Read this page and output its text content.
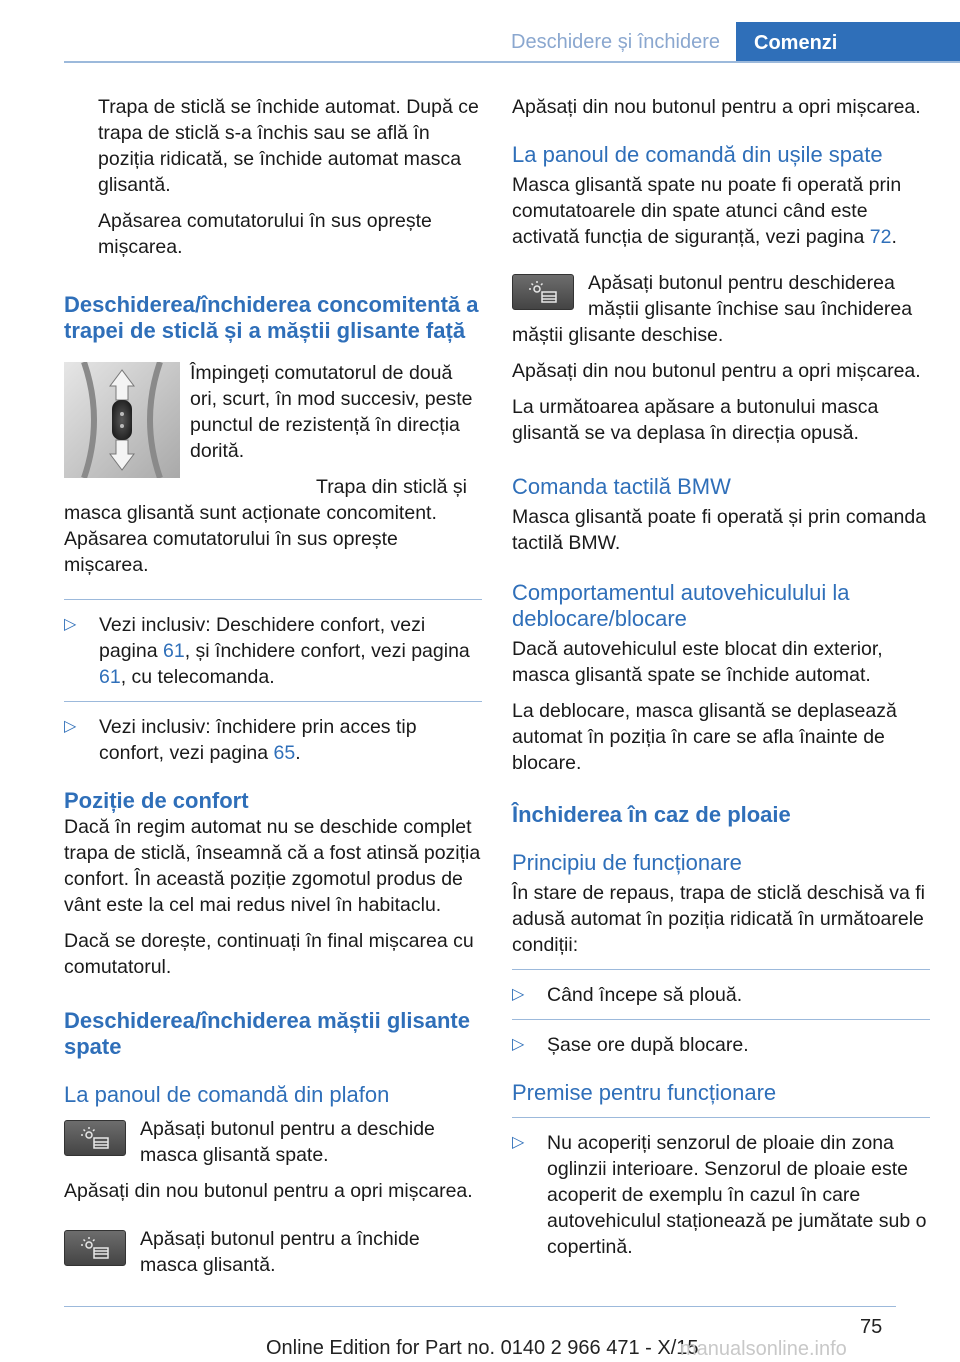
Deschidere și închidere	Comenzi

Trapa de sticlă se închide automat. După ce trapa de sticlă s-a închis sau se află în poziția ridicată, se închide automat masca glisantă.

Apăsarea comutatorului în sus oprește mișcarea.

Deschiderea/închiderea concomitentă a trapei de sticlă și a măștii glisante față

Împingeți comutatorul de două ori, scurt, în mod succesiv, peste punctul de rezistență în direcția dorită.

Trapa din sticlă și masca glisantă sunt acționate concomitent. Apăsarea comutatorului în sus oprește mișcarea.

▷ Vezi inclusiv: Deschidere confort, vezi pagina 61, și închidere confort, vezi pagina 61, cu telecomanda.
▷ Vezi inclusiv: închidere prin acces tip confort, vezi pagina 65.
Poziție de confort

Dacă în regim automat nu se deschide complet trapa de sticlă, înseamnă că a fost atinsă poziția confort. În această poziție zgomotul produs de vânt este la cel mai redus nivel în habitaclu.

Dacă se dorește, continuați în final mișcarea cu comutatorul.

Deschiderea/închiderea măștii glisante spate
La panoul de comandă din plafon

Apăsați butonul pentru a deschide masca glisantă spate.

Apăsați din nou butonul pentru a opri mișcarea.

Apăsați butonul pentru a închide masca glisantă.

Apăsați din nou butonul pentru a opri mișcarea.

La panoul de comandă din ușile spate

Masca glisantă spate nu poate fi operată prin comutatoarele din spate atunci când este activată funcția de siguranță, vezi pagina 72.

Apăsați butonul pentru deschiderea măștii glisante închise sau închiderea măștii glisante deschise.

Apăsați din nou butonul pentru a opri mișcarea.

La următoarea apăsare a butonului masca glisantă se va deplasa în direcția opusă.

Comanda tactilă BMW

Masca glisantă poate fi operată și prin comanda tactilă BMW.

Comportamentul autovehiculului la deblocare/blocare

Dacă autovehiculul este blocat din exterior, masca glisantă spate se închide automat.

La deblocare, masca glisantă se deplasează automat în poziția în care se afla înainte de blocare.

Închiderea în caz de ploaie
Principiu de funcționare

În stare de repaus, trapa de sticlă deschisă va fi adusă automat în poziția ridicată în următoarele condiții:

▷ Când începe să plouă.
▷ Șase ore după blocare.
Premise pentru funcționare
▷ Nu acoperiți senzorul de ploaie din zona oglinzii interioare. Senzorul de ploaie este acoperit de exemplu în cazul în care autovehiculul staționează pe jumătate sub o copertină.
75
Online Edition for Part no. 0140 2 966 471 - X/15
manualsonline.info
